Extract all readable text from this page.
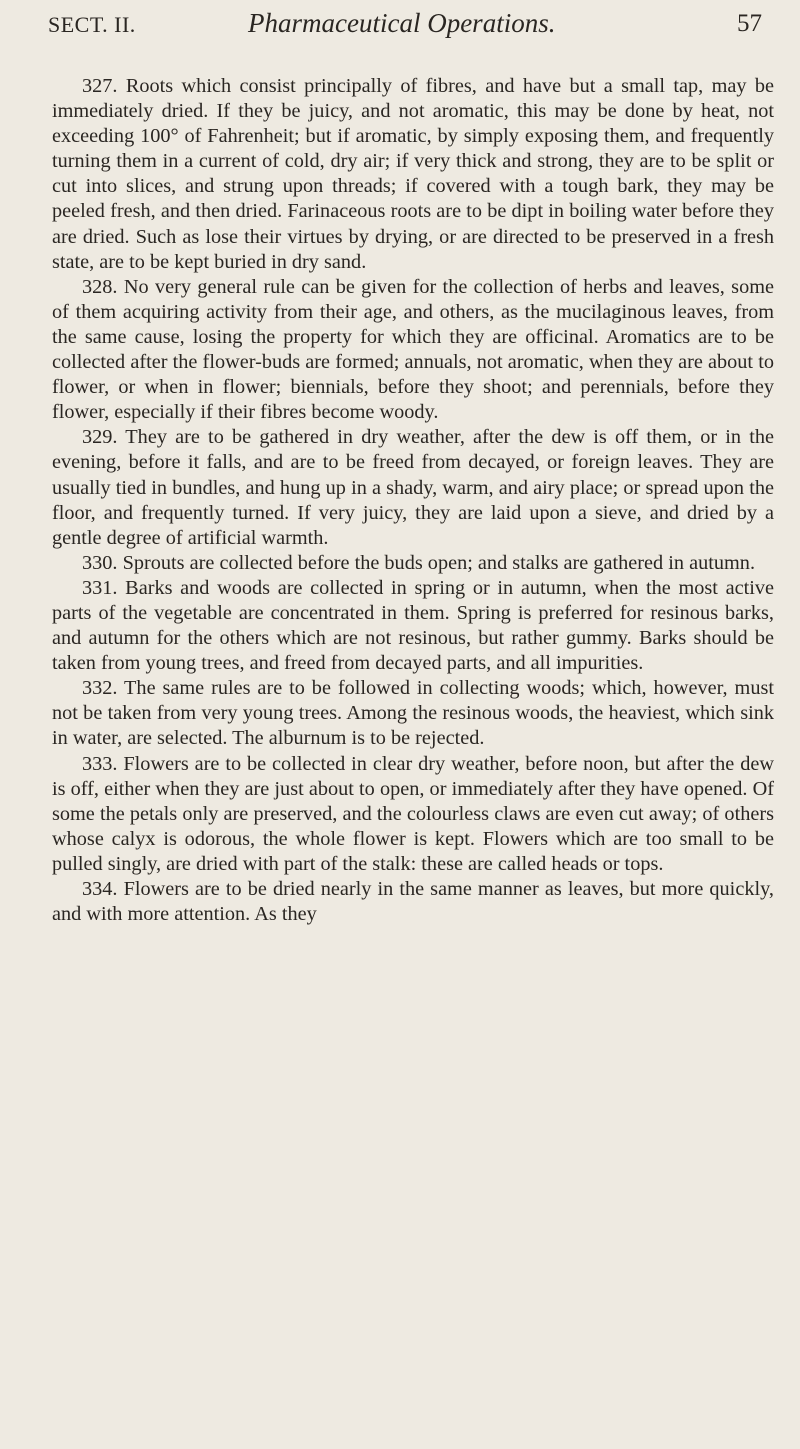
SECT. II.	Pharmaceutical Operations.	57

327. Roots which consist principally of fibres, and have but a small tap, may be immediately dried. If they be juicy, and not aromatic, this may be done by heat, not exceeding 100° of Fahrenheit; but if aromatic, by simply exposing them, and frequently turning them in a current of cold, dry air; if very thick and strong, they are to be split or cut into slices, and strung upon threads; if covered with a tough bark, they may be peeled fresh, and then dried. Farinaceous roots are to be dipt in boiling water before they are dried. Such as lose their virtues by drying, or are directed to be preserved in a fresh state, are to be kept buried in dry sand.

328. No very general rule can be given for the collection of herbs and leaves, some of them acquiring activity from their age, and others, as the mucilaginous leaves, from the same cause, losing the property for which they are officinal. Aromatics are to be collected after the flower-buds are formed; annuals, not aromatic, when they are about to flower, or when in flower; biennials, before they shoot; and perennials, before they flower, especially if their fibres become woody.

329. They are to be gathered in dry weather, after the dew is off them, or in the evening, before it falls, and are to be freed from decayed, or foreign leaves. They are usually tied in bundles, and hung up in a shady, warm, and airy place; or spread upon the floor, and frequently turned. If very juicy, they are laid upon a sieve, and dried by a gentle degree of artificial warmth.

330. Sprouts are collected before the buds open; and stalks are gathered in autumn.

331. Barks and woods are collected in spring or in autumn, when the most active parts of the vegetable are concentrated in them. Spring is preferred for resinous barks, and autumn for the others which are not resinous, but rather gummy. Barks should be taken from young trees, and freed from decayed parts, and all impurities.

332. The same rules are to be followed in collecting woods; which, however, must not be taken from very young trees. Among the resinous woods, the heaviest, which sink in water, are selected. The alburnum is to be rejected.

333. Flowers are to be collected in clear dry weather, before noon, but after the dew is off, either when they are just about to open, or immediately after they have opened. Of some the petals only are preserved, and the colourless claws are even cut away; of others whose calyx is odorous, the whole flower is kept. Flowers which are too small to be pulled singly, are dried with part of the stalk: these are called heads or tops.

334. Flowers are to be dried nearly in the same manner as leaves, but more quickly, and with more attention. As they
